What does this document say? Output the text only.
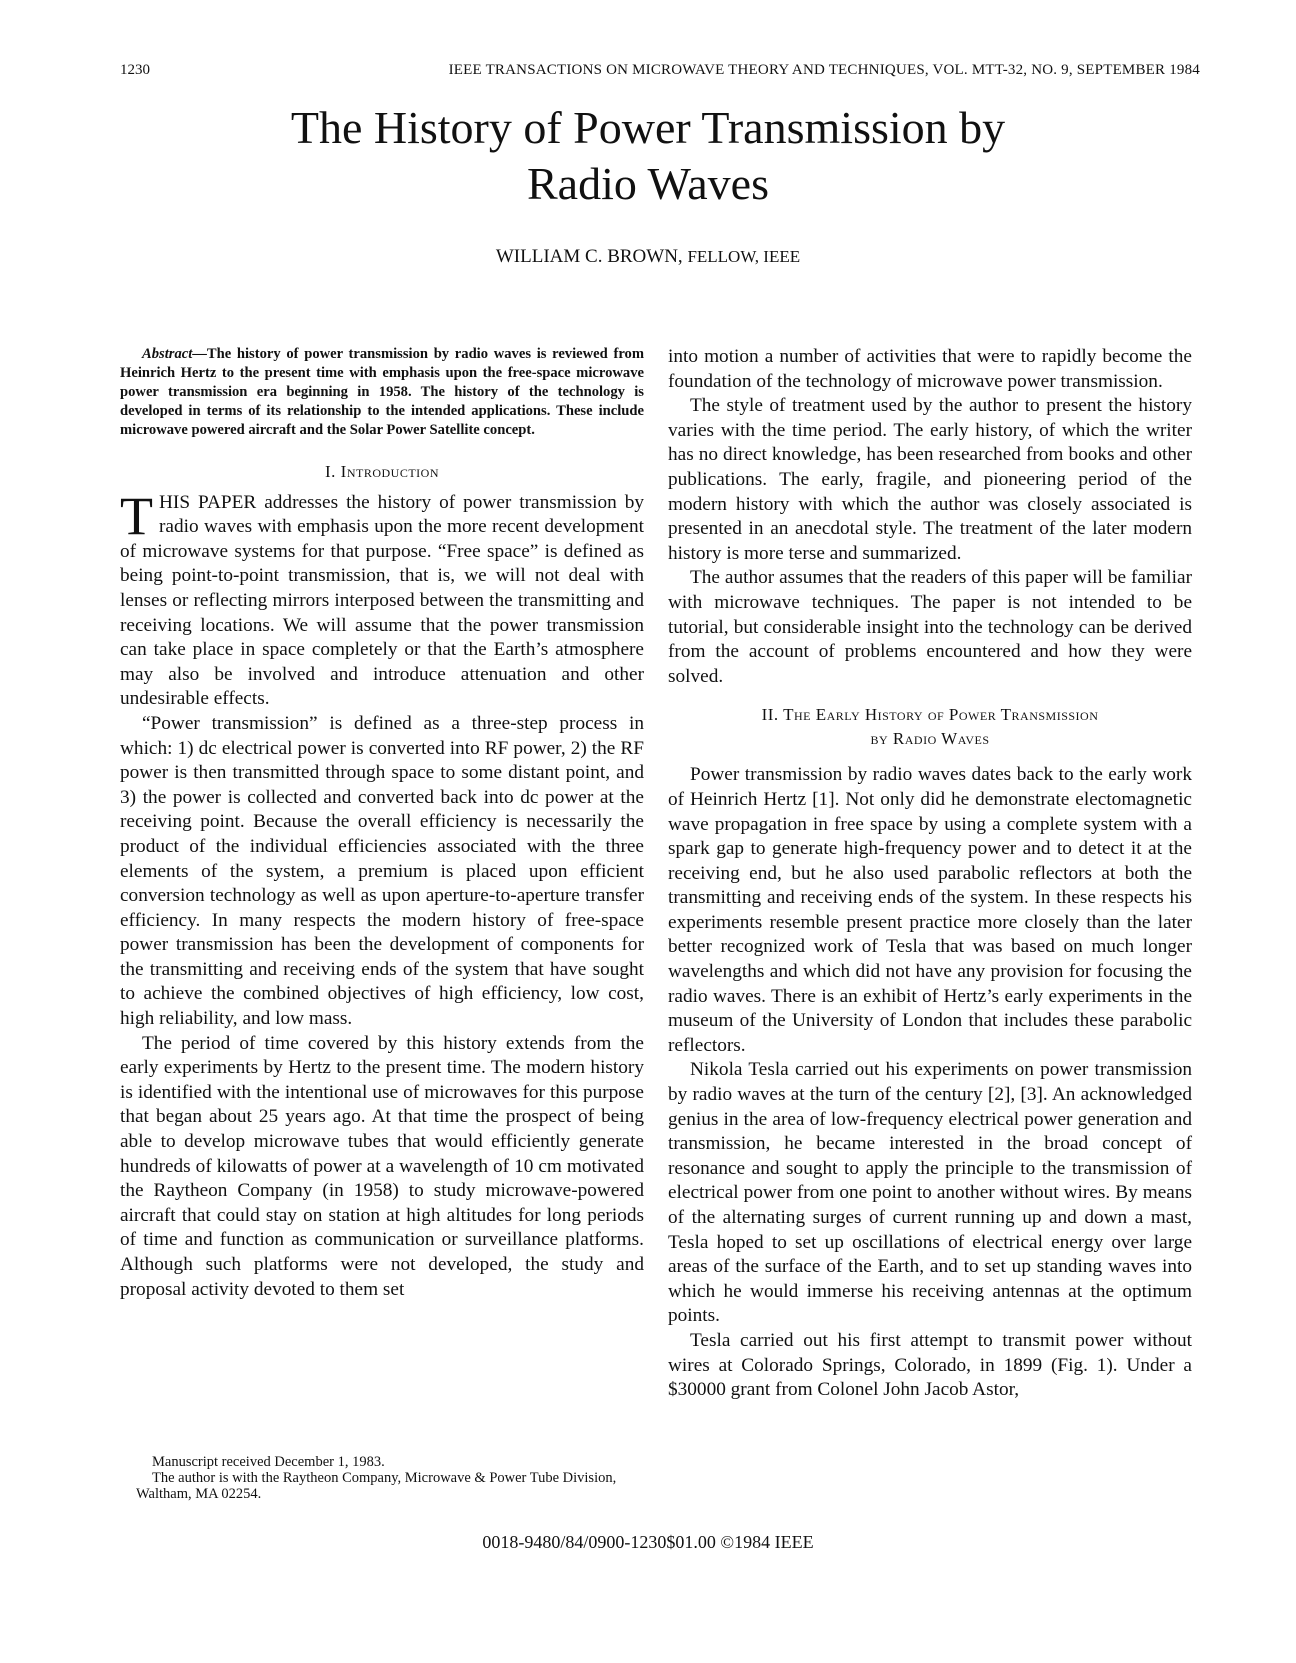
1230	IEEE TRANSACTIONS ON MICROWAVE THEORY AND TECHNIQUES, VOL. MTT-32, NO. 9, SEPTEMBER 1984
The History of Power Transmission by
Radio Waves
WILLIAM C. BROWN, FELLOW, IEEE
Abstract—The history of power transmission by radio waves is reviewed from Heinrich Hertz to the present time with emphasis upon the free-space microwave power transmission era beginning in 1958. The history of the technology is developed in terms of its relationship to the intended applications. These include microwave powered aircraft and the Solar Power Satellite concept.
I. Introduction

THIS PAPER addresses the history of power transmission by radio waves with emphasis upon the more recent development of microwave systems for that purpose. “Free space” is defined as being point-to-point transmission, that is, we will not deal with lenses or reflecting mirrors interposed between the transmitting and receiving locations. We will assume that the power transmission can take place in space completely or that the Earth’s atmosphere may also be involved and introduce attenuation and other undesirable effects.

“Power transmission” is defined as a three-step process in which: 1) dc electrical power is converted into RF power, 2) the RF power is then transmitted through space to some distant point, and 3) the power is collected and converted back into dc power at the receiving point. Because the overall efficiency is necessarily the product of the individual efficiencies associated with the three elements of the system, a premium is placed upon efficient conversion technology as well as upon aperture-to-aperture transfer efficiency. In many respects the modern history of free-space power transmission has been the development of components for the transmitting and receiving ends of the system that have sought to achieve the combined objectives of high efficiency, low cost, high reliability, and low mass.

The period of time covered by this history extends from the early experiments by Hertz to the present time. The modern history is identified with the intentional use of microwaves for this purpose that began about 25 years ago. At that time the prospect of being able to develop microwave tubes that would efficiently generate hundreds of kilowatts of power at a wavelength of 10 cm motivated the Raytheon Company (in 1958) to study microwave-powered aircraft that could stay on station at high altitudes for long periods of time and function as communication or surveillance platforms. Although such platforms were not developed, the study and proposal activity devoted to them set

into motion a number of activities that were to rapidly become the foundation of the technology of microwave power transmission.

The style of treatment used by the author to present the history varies with the time period. The early history, of which the writer has no direct knowledge, has been researched from books and other publications. The early, fragile, and pioneering period of the modern history with which the author was closely associated is presented in an anecdotal style. The treatment of the later modern history is more terse and summarized.

The author assumes that the readers of this paper will be familiar with microwave techniques. The paper is not intended to be tutorial, but considerable insight into the technology can be derived from the account of problems encountered and how they were solved.

II. The Early History of Power Transmission
by Radio Waves

Power transmission by radio waves dates back to the early work of Heinrich Hertz [1]. Not only did he demonstrate electomagnetic wave propagation in free space by using a complete system with a spark gap to generate high-frequency power and to detect it at the receiving end, but he also used parabolic reflectors at both the transmitting and receiving ends of the system. In these respects his experiments resemble present practice more closely than the later better recognized work of Tesla that was based on much longer wavelengths and which did not have any provision for focusing the radio waves. There is an exhibit of Hertz’s early experiments in the museum of the University of London that includes these parabolic reflectors.

Nikola Tesla carried out his experiments on power transmission by radio waves at the turn of the century [2], [3]. An acknowledged genius in the area of low-frequency electrical power generation and transmission, he became interested in the broad concept of resonance and sought to apply the principle to the transmission of electrical power from one point to another without wires. By means of the alternating surges of current running up and down a mast, Tesla hoped to set up oscillations of electrical energy over large areas of the surface of the Earth, and to set up standing waves into which he would immerse his receiving antennas at the optimum points.

Tesla carried out his first attempt to transmit power without wires at Colorado Springs, Colorado, in 1899 (Fig. 1). Under a $30000 grant from Colonel John Jacob Astor,

Manuscript received December 1, 1983.
The author is with the Raytheon Company, Microwave & Power Tube Division, Waltham, MA 02254.
0018-9480/84/0900-1230$01.00 ©1984 IEEE
